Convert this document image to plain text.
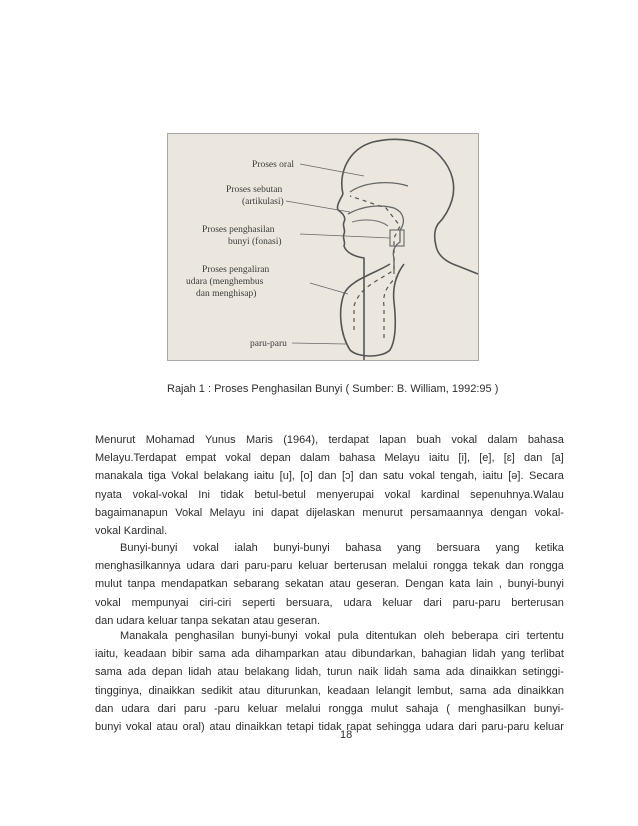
Proses oral
Proses sebutan
(artikulasi)
Proses penghasilan
bunyi (fonasi)
Proses pengaliran
udara (menghembus
dan menghisap)
paru-paru
Rajah 1 : Proses Penghasilan Bunyi ( Sumber: B. William, 1992:95 )
Menurut Mohamad Yunus Maris (1964), terdapat lapan buah vokal dalam bahasa
Melayu.Terdapat empat vokal depan dalam bahasa Melayu iaitu [i], [e], [ɛ] dan [a]
manakala tiga Vokal belakang iaitu [u], [o] dan [ɔ] dan satu vokal tengah, iaitu [ə]. Secara
nyata vokal-vokal Ini tidak betul-betul menyerupai vokal kardinal sepenuhnya.Walau
bagaimanapun Vokal Melayu ini dapat dijelaskan menurut persamaannya dengan vokal-
vokal Kardinal.
Bunyi-bunyi vokal ialah bunyi-bunyi bahasa yang bersuara yang ketika
menghasilkannya udara dari paru-paru keluar berterusan melalui rongga tekak dan rongga
mulut tanpa mendapatkan sebarang sekatan atau geseran. Dengan kata lain , bunyi-bunyi
vokal mempunyai ciri-ciri seperti bersuara, udara keluar dari paru-paru berterusan
dan udara keluar tanpa sekatan atau geseran.
Manakala penghasilan bunyi-bunyi vokal pula ditentukan oleh beberapa ciri tertentu
iaitu, keadaan bibir sama ada dihamparkan atau dibundarkan, bahagian lidah yang terlibat
sama ada depan lidah atau belakang lidah, turun naik lidah sama ada dinaikkan setinggi-
tingginya, dinaikkan sedikit atau diturunkan, keadaan lelangit lembut, sama ada dinaikkan
dan udara dari paru -paru keluar melalui rongga mulut sahaja ( menghasilkan bunyi-
bunyi vokal atau oral) atau dinaikkan tetapi tidak rapat sehingga udara dari paru-paru keluar
18
